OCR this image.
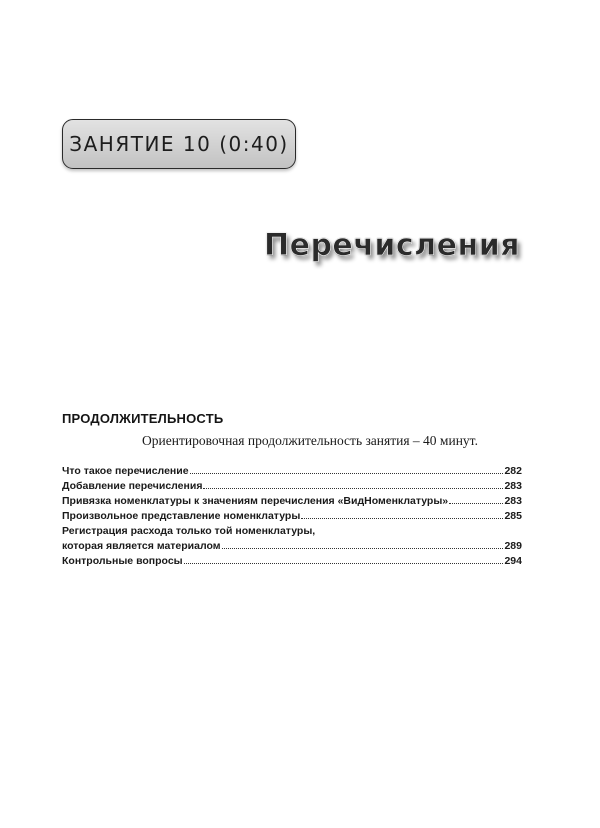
ЗАНЯТИЕ 10 (0:40)
Перечисления
ПРОДОЛЖИТЕЛЬНОСТЬ
Ориентировочная продолжительность занятия – 40 минут.
Что такое перечисление	282
Добавление перечисления	283
Привязка номенклатуры к значениям перечисления «ВидНоменклатуры»	283
Произвольное представление номенклатуры	285
Регистрация расхода только той номенклатуры,
которая является материалом	289
Контрольные вопросы	294
